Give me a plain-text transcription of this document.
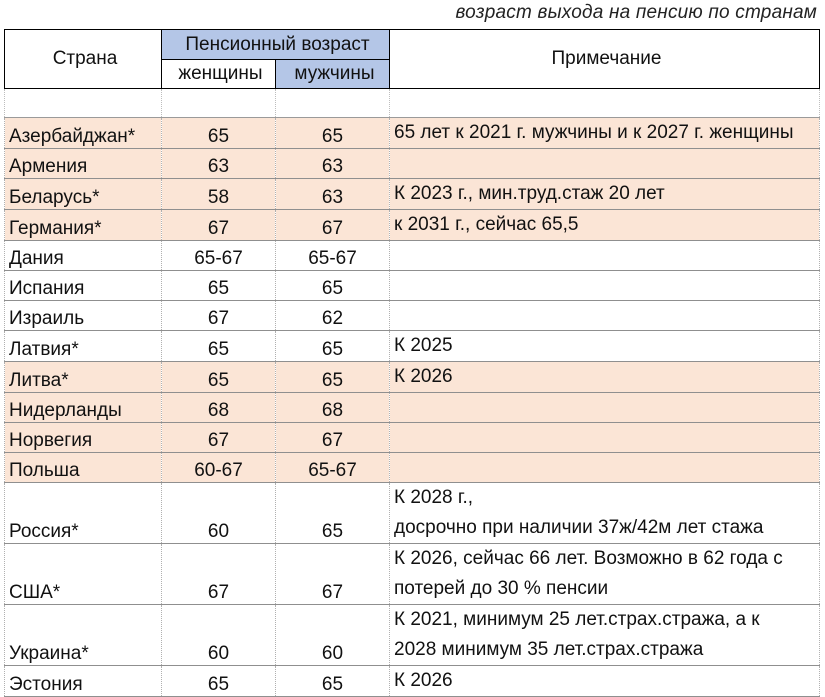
возраст выхода на пенсию по странам
Страна	Пенсионный возраст		Примечание
	женщины	мужчины	

Азербайджан*	65	65	65 лет к 2021 г. мужчины и к 2027 г. женщины

Армения	63	63	
Беларусь*	58	63	К 2023 г., мин.труд.стаж 20 лет

Германия*	67	67	к 2031 г., сейчас 65,5

Дания	65-67	65-67	
Испания	65	65	
Израиль	67	62	
Латвия*	65	65	К 2025

Литва*	65	65	К 2026

Нидерланды	68	68	
Норвегия	67	67	
Польша	60-67	65-67	
Россия*	60	65	К 2028 г.,
досрочно при наличии 37ж/42м лет стажа

США*	67	67	К 2026, сейчас 66 лет. Возможно в 62 года с
потерей до 30 % пенсии

Украина*	60	60	К 2021, минимум 25 лет.страх.стража, а к
2028 минимум 35 лет.страх.стража

Эстония	65	65	К 2026
